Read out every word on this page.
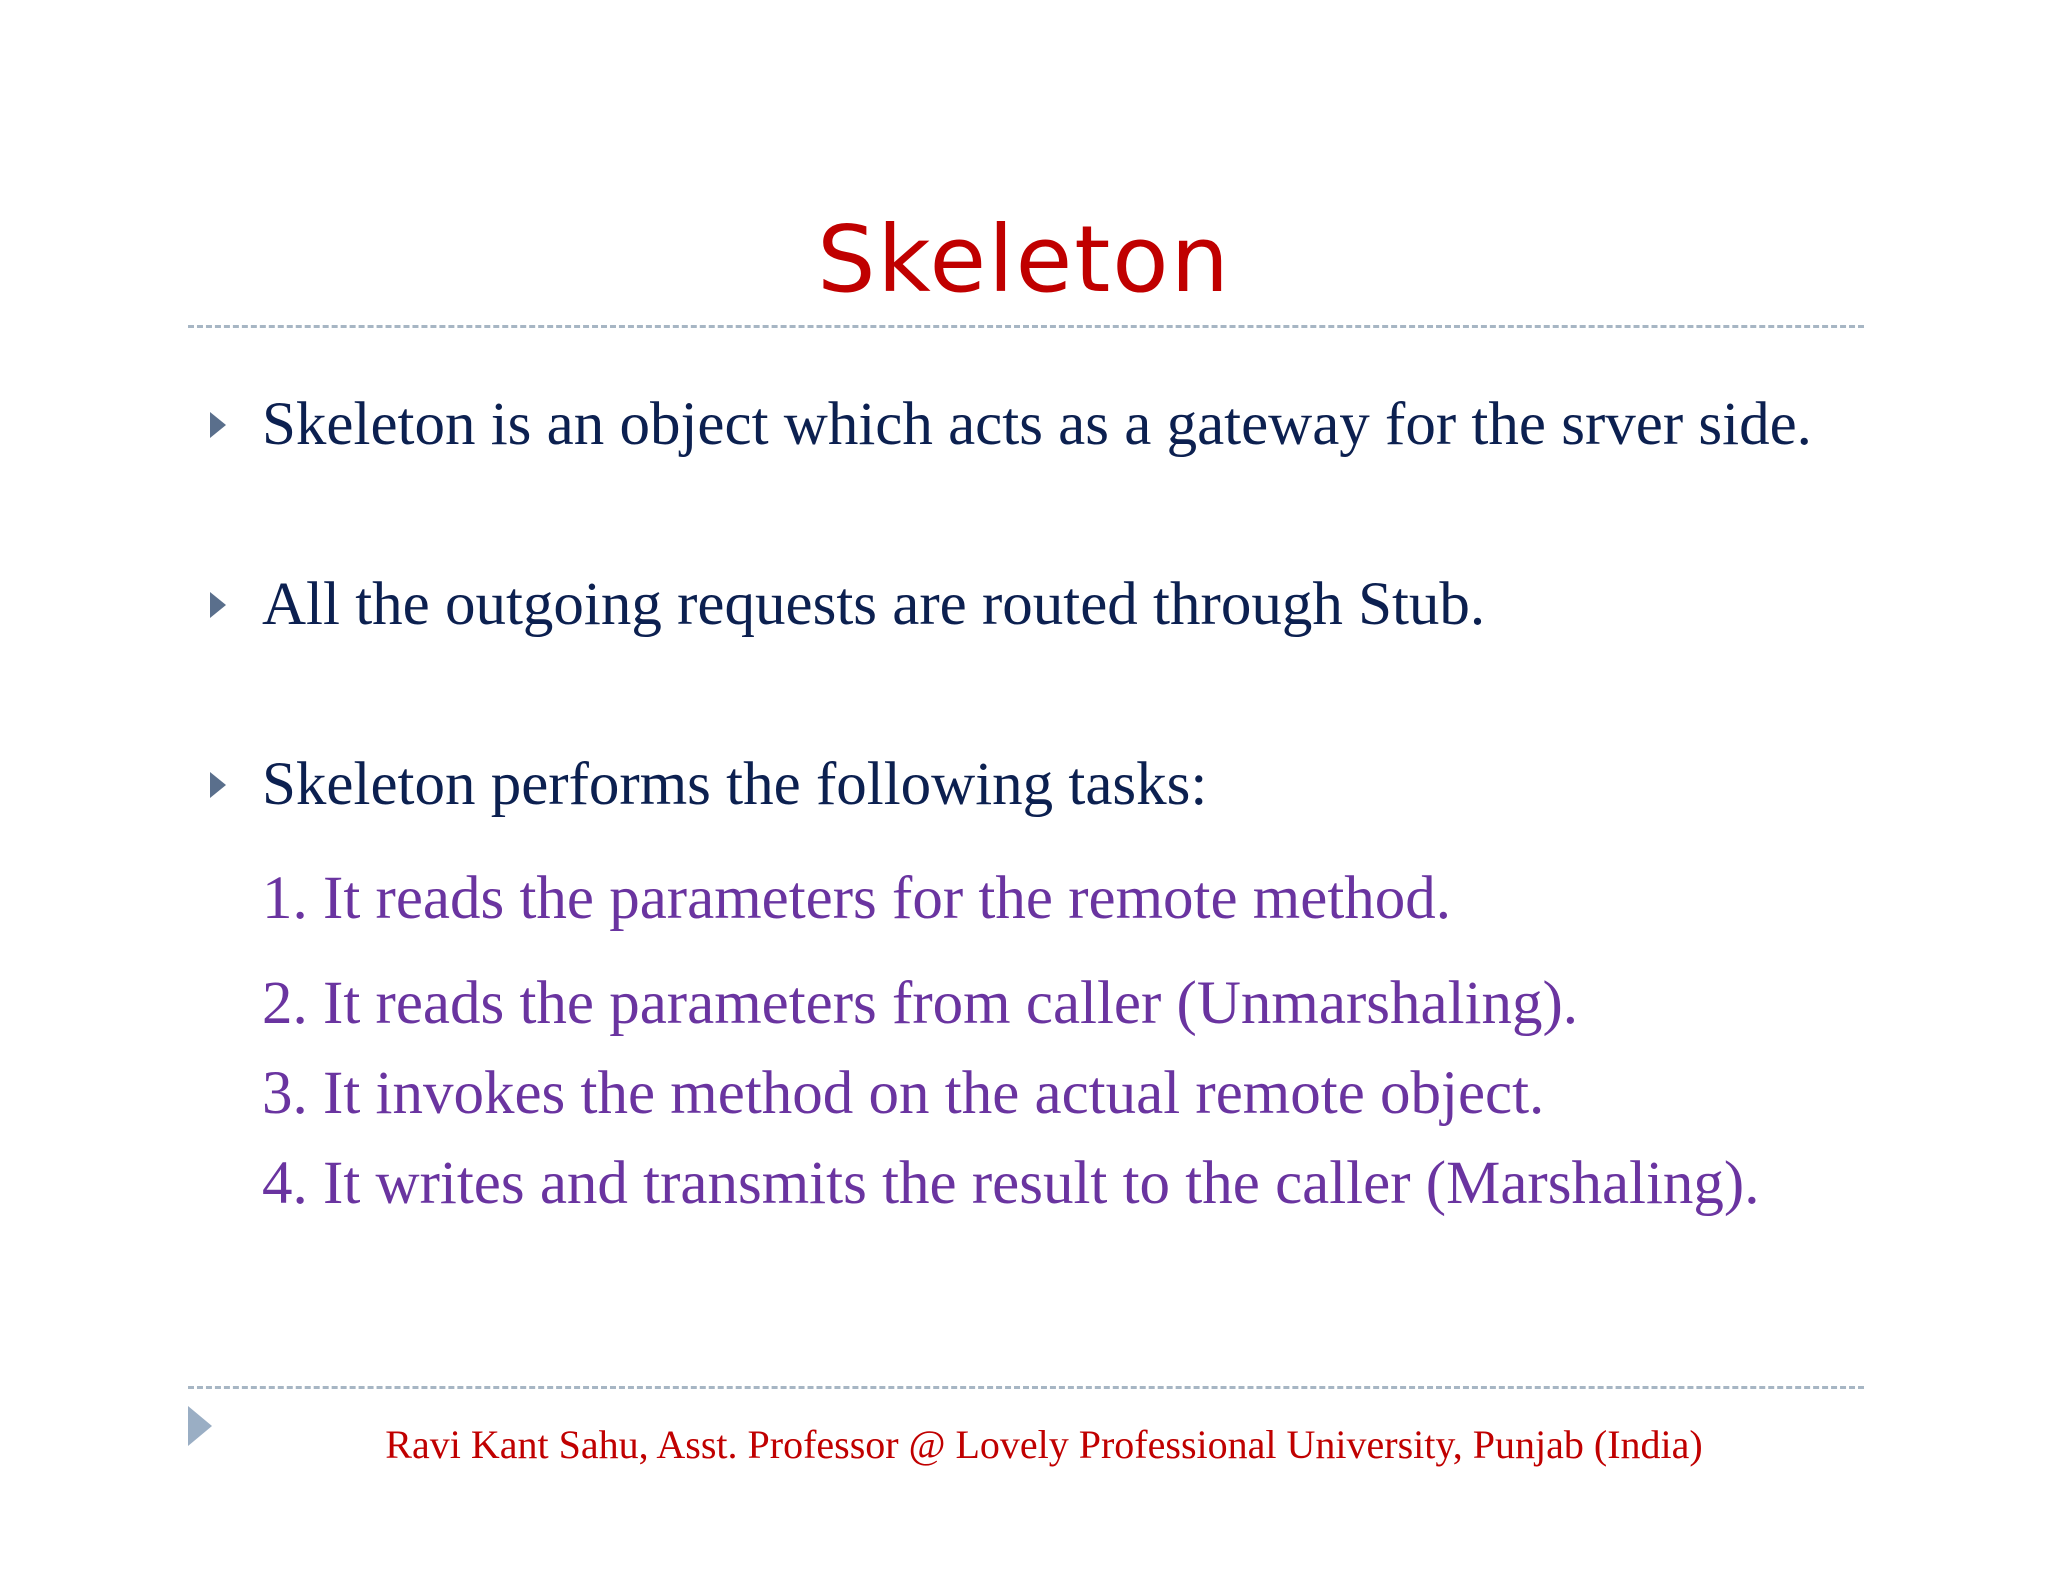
Skeleton
Skeleton is an object which acts as a gateway for the srver side.
All the outgoing requests are routed through Stub.
Skeleton performs the following tasks:
1. It reads the parameters for the remote method.
2. It reads the parameters from caller (Unmarshaling).
3. It invokes the method on the actual remote object.
4. It writes and transmits the result to the caller (Marshaling).
Ravi Kant Sahu, Asst. Professor @ Lovely Professional University, Punjab (India)
